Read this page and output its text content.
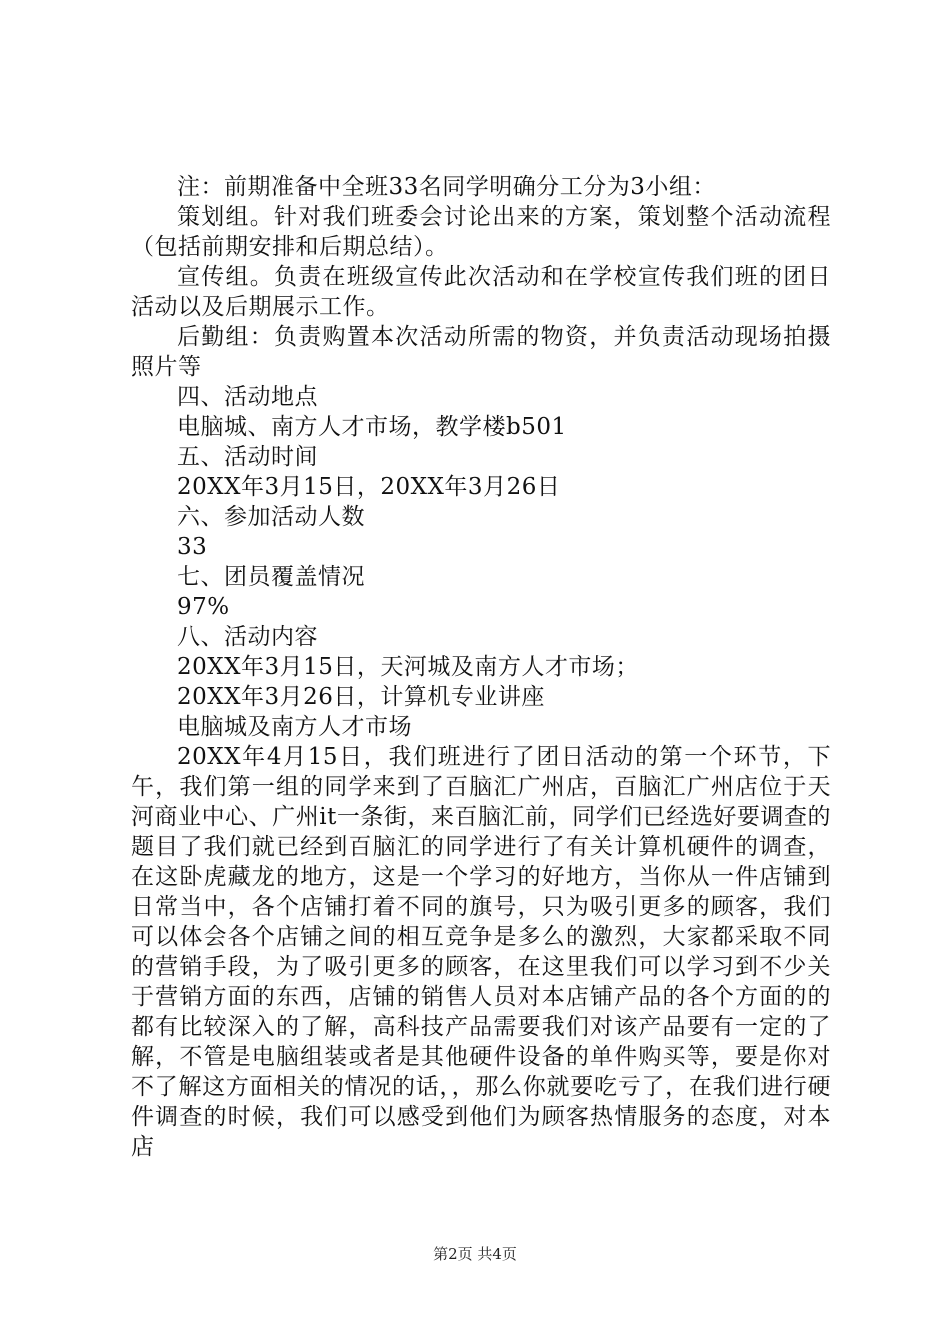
注：前期准备中全班33名同学明确分工分为3小组：

策划组。针对我们班委会讨论出来的方案，策划整个活动流程（包括前期安排和后期总结）。

宣传组。负责在班级宣传此次活动和在学校宣传我们班的团日活动以及后期展示工作。

后勤组：负责购置本次活动所需的物资，并负责活动现场拍摄照片等

四、活动地点

电脑城、南方人才市场，教学楼b501

五、活动时间

20XX年3月15日，20XX年3月26日

六、参加活动人数

33

七、团员覆盖情况

97%

八、活动内容

20XX年3月15日，天河城及南方人才市场；

20XX年3月26日，计算机专业讲座

电脑城及南方人才市场

20XX年4月15日，我们班进行了团日活动的第一个环节，下午，我们第一组的同学来到了百脑汇广州店，百脑汇广州店位于天河商业中心、广州it一条街，来百脑汇前，同学们已经选好要调查的题目了我们就已经到百脑汇的同学进行了有关计算机硬件的调查，在这卧虎藏龙的地方，这是一个学习的好地方，当你从一件店铺到日常当中，各个店铺打着不同的旗号，只为吸引更多的顾客，我们可以体会各个店铺之间的相互竞争是多么的激烈，大家都采取不同的营销手段，为了吸引更多的顾客，在这里我们可以学习到不少关于营销方面的东西，店铺的销售人员对本店铺产品的各个方面的的都有比较深入的了解，高科技产品需要我们对该产品要有一定的了解，不管是电脑组装或者是其他硬件设备的单件购买等，要是你对不了解这方面相关的情况的话，，那么你就要吃亏了，在我们进行硬件调查的时候，我们可以感受到他们为顾客热情服务的态度，对本店

第2页 共4页
